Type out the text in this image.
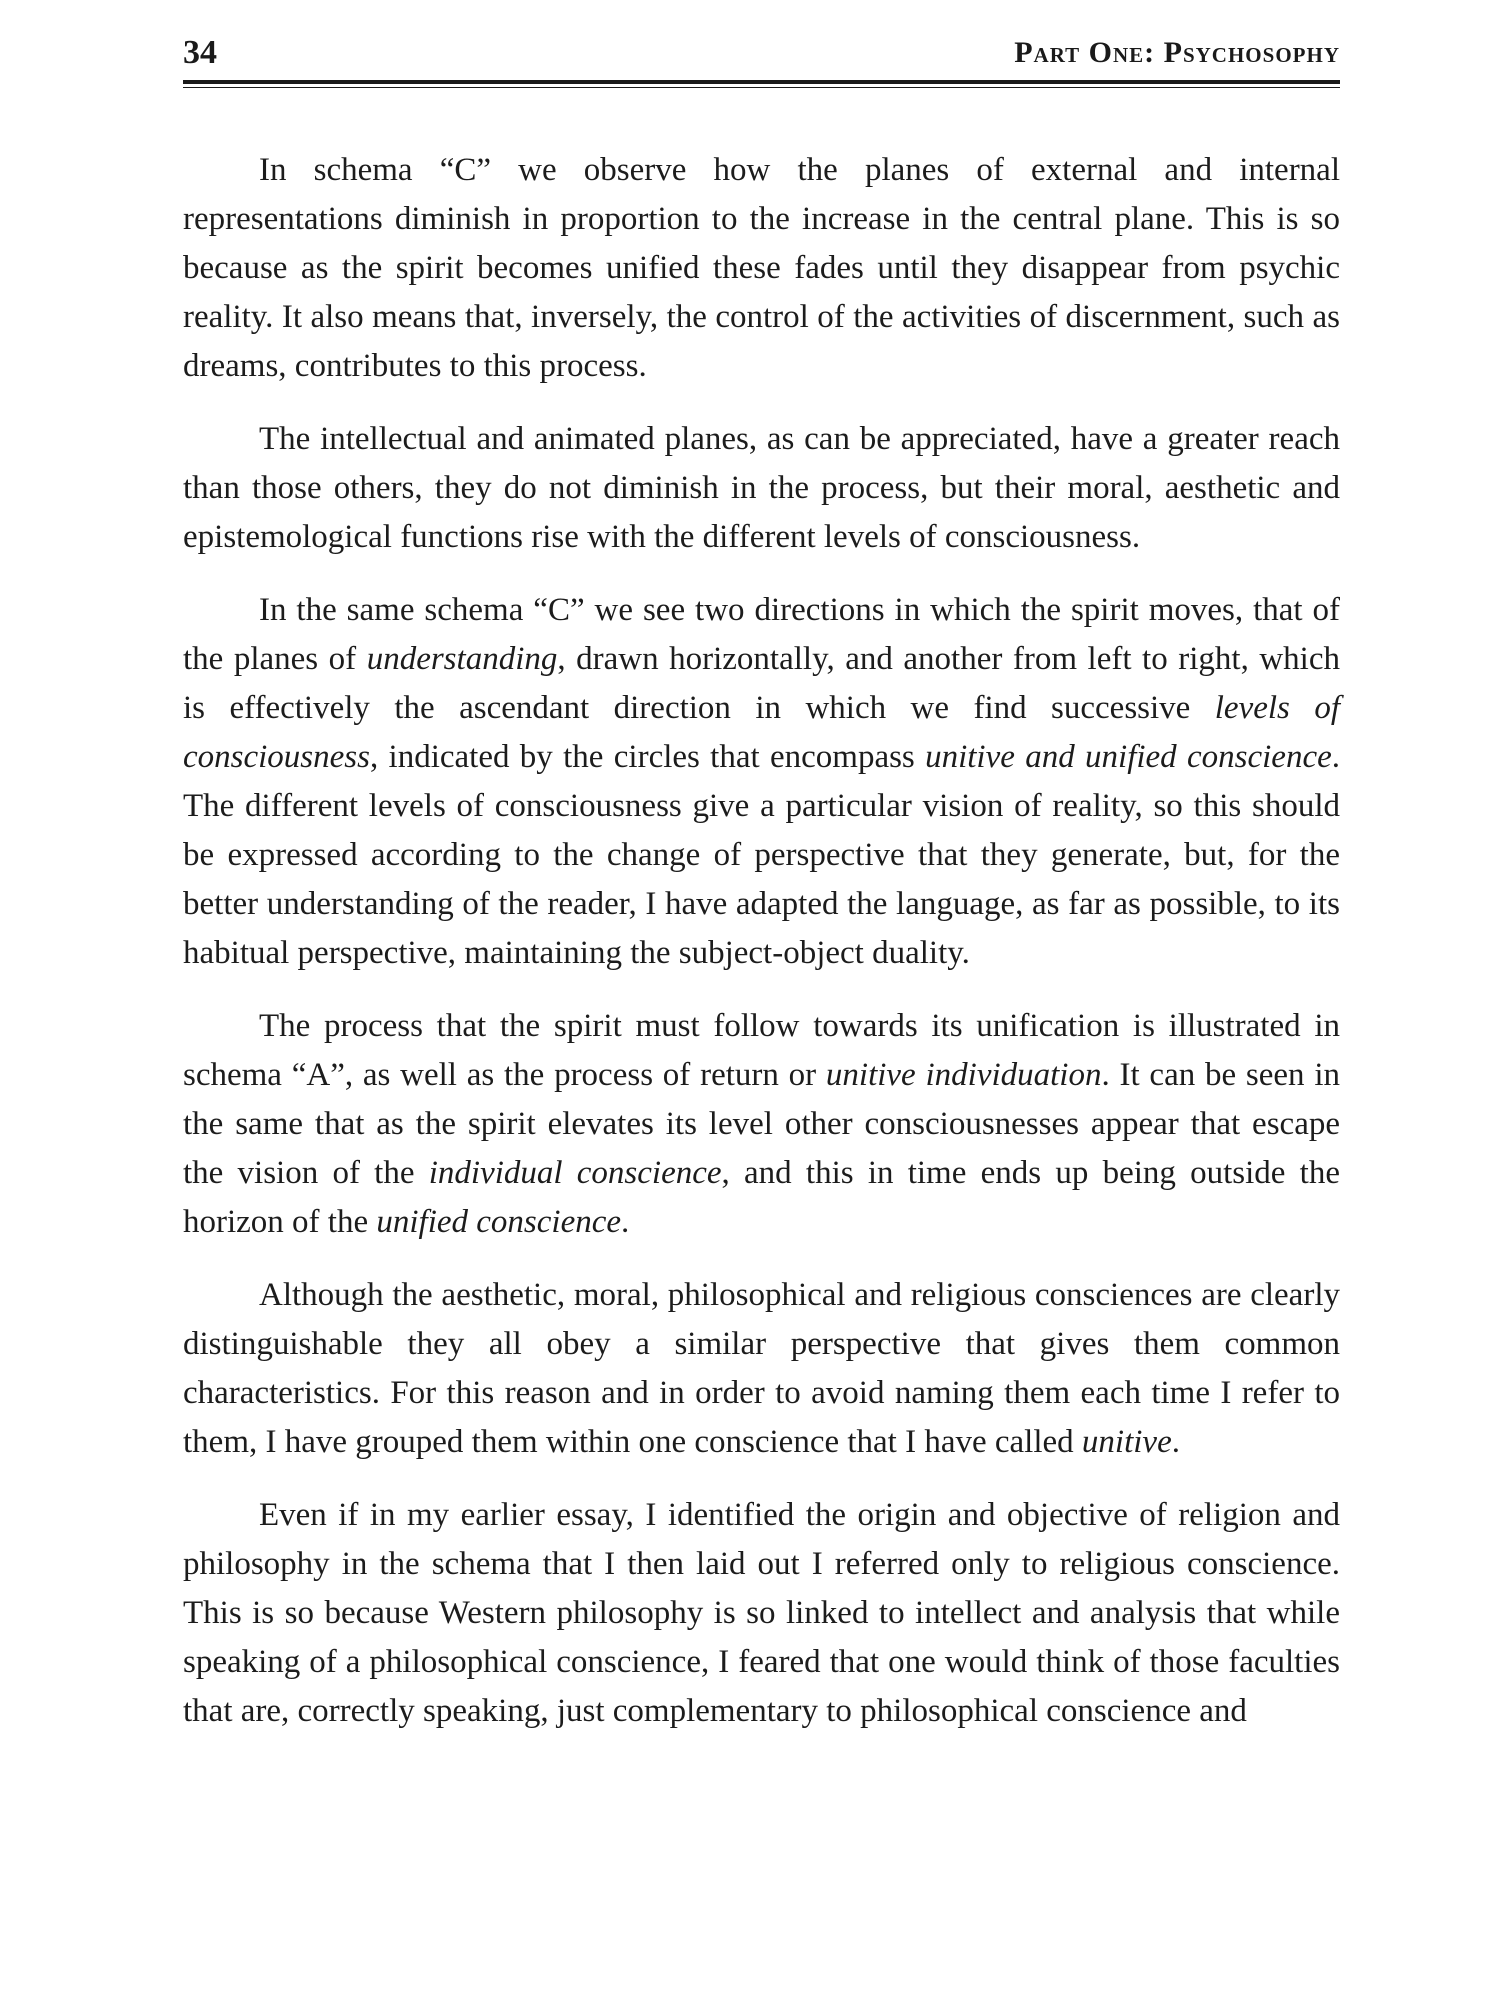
34	Part One: Psychosophy

In schema “C” we observe how the planes of external and internal representations diminish in proportion to the increase in the central plane. This is so because as the spirit becomes unified these fades until they disappear from psychic reality. It also means that, inversely, the control of the activities of discernment, such as dreams, contributes to this process.

The intellectual and animated planes, as can be appreciated, have a greater reach than those others, they do not diminish in the process, but their moral, aesthetic and epistemological functions rise with the different levels of consciousness.

In the same schema “C” we see two directions in which the spirit moves, that of the planes of understanding, drawn horizontally, and another from left to right, which is effectively the ascendant direction in which we find successive levels of consciousness, indicated by the circles that encompass unitive and unified conscience. The different levels of consciousness give a particular vision of reality, so this should be expressed according to the change of perspective that they generate, but, for the better understanding of the reader, I have adapted the language, as far as possible, to its habitual perspective, maintaining the subject-object duality.

The process that the spirit must follow towards its unification is illustrated in schema “A”, as well as the process of return or unitive individuation. It can be seen in the same that as the spirit elevates its level other consciousnesses appear that escape the vision of the individual conscience, and this in time ends up being outside the horizon of the unified conscience.

Although the aesthetic, moral, philosophical and religious consciences are clearly distinguishable they all obey a similar perspective that gives them common characteristics. For this reason and in order to avoid naming them each time I refer to them, I have grouped them within one conscience that I have called unitive.

Even if in my earlier essay, I identified the origin and objective of religion and philosophy in the schema that I then laid out I referred only to religious conscience. This is so because Western philosophy is so linked to intellect and analysis that while speaking of a philosophical conscience, I feared that one would think of those faculties that are, correctly speaking, just complementary to philosophical conscience and
